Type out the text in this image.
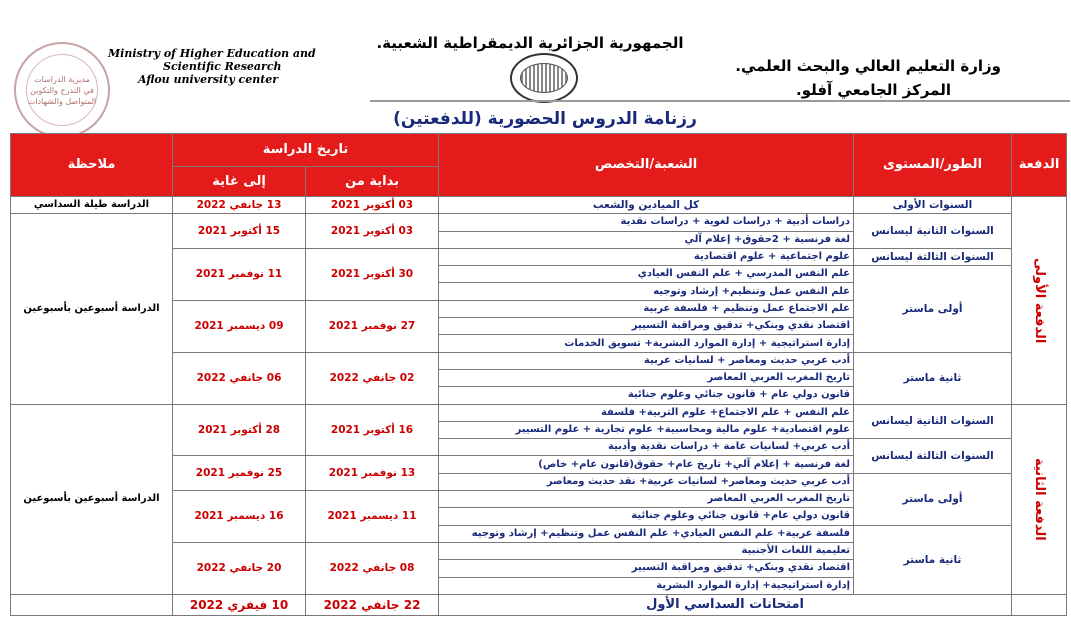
مديرية الدراسات
في التدرج والتكوين
المتواصل والشهادات
Ministry of Higher Education and
Scientific Research
Aflou university center
الجمهورية الجزائرية الديمقراطية الشعبية.
وزارة التعليم العالي والبحث العلمي.
المركز الجامعي آفلو.
رزنامة الدروس الحضورية (للدفعتين)
الدفعة	الطور/المستوى	الشعبة/التخصص	تاريخ الدراسة		ملاحظة
			بداية من	إلى غاية	
الدفعة الأولى	السنوات الأولى	كل الميادين والشعب	03 أكتوبر 2021	13 جانفي 2022	الدراسة طيلة السداسي
	السنوات الثانية ليسانس	دراسات أدبية + دراسات لغوية + دراسات نقدية	03 أكتوبر 2021	15 أكتوبر 2021	الدراسة أسبوعين بأسبوعين
		لغة فرنسية + 2حقوق+ إعلام آلي			
	السنوات الثالثة ليسانس	علوم اجتماعية + علوم اقتصادية	30 أكتوبر 2021	11 نوفمبر 2021	
	أولى ماستر	علم النفس المدرسي + علم النفس العيادي			
		علم النفس عمل وتنظيم+ إرشاد وتوجيه			
		علم الاجتماع عمل وتنظيم + فلسفة عربية	27 نوفمبر 2021	09 ديسمبر 2021	
		اقتصاد نقدي وبنكي+ تدقيق ومراقبة التسيير			
		إدارة استراتيجية + إدارة الموارد البشرية+ تسويق الخدمات			
	ثانية ماستر	أدب عربي حديث ومعاصر + لسانيات عربية	02 جانفي 2022	06 جانفي 2022	
		تاريخ المغرب العربي المعاصر			
		قانون دولي عام + قانون جنائي وعلوم جنائية			
الدفعة الثانية	السنوات الثانية ليسانس	علم النفس + علم الاجتماع+ علوم التربية+ فلسفة	16 أكتوبر 2021	28 أكتوبر 2021	الدراسة أسبوعين بأسبوعين
		علوم اقتصادية+ علوم مالية ومحاسبية+ علوم تجارية + علوم التسيير			
	السنوات الثالثة ليسانس	أدب عربي+ لسانيات عامة + دراسات نقدية وأدبية			
		لغة فرنسية + إعلام آلي+ تاريخ عام+ حقوق(قانون عام+ خاص)	13 نوفمبر 2021	25 نوفمبر 2021	
	أولى ماستر	أدب عربي حديث ومعاصر+ لسانيات عربية+ نقد حديث ومعاصر			
		تاريخ المغرب العربي المعاصر	11 ديسمبر 2021	16 ديسمبر 2021	
		قانون دولي عام+ قانون جنائي وعلوم جنائية			
	ثانية ماستر	فلسفة عربية+ علم النفس العيادي+ علم النفس عمل وتنظيم+ إرشاد وتوجيه			
		تعليمية اللغات الأجنبية	08 جانفي 2022	20 جانفي 2022	
		اقتصاد نقدي وبنكي+ تدقيق ومراقبة التسيير			
		إدارة استراتيجية+ إدارة الموارد البشرية			
	امتحانات السداسي الأول		22 جانفي 2022	10 فيفري 2022	
